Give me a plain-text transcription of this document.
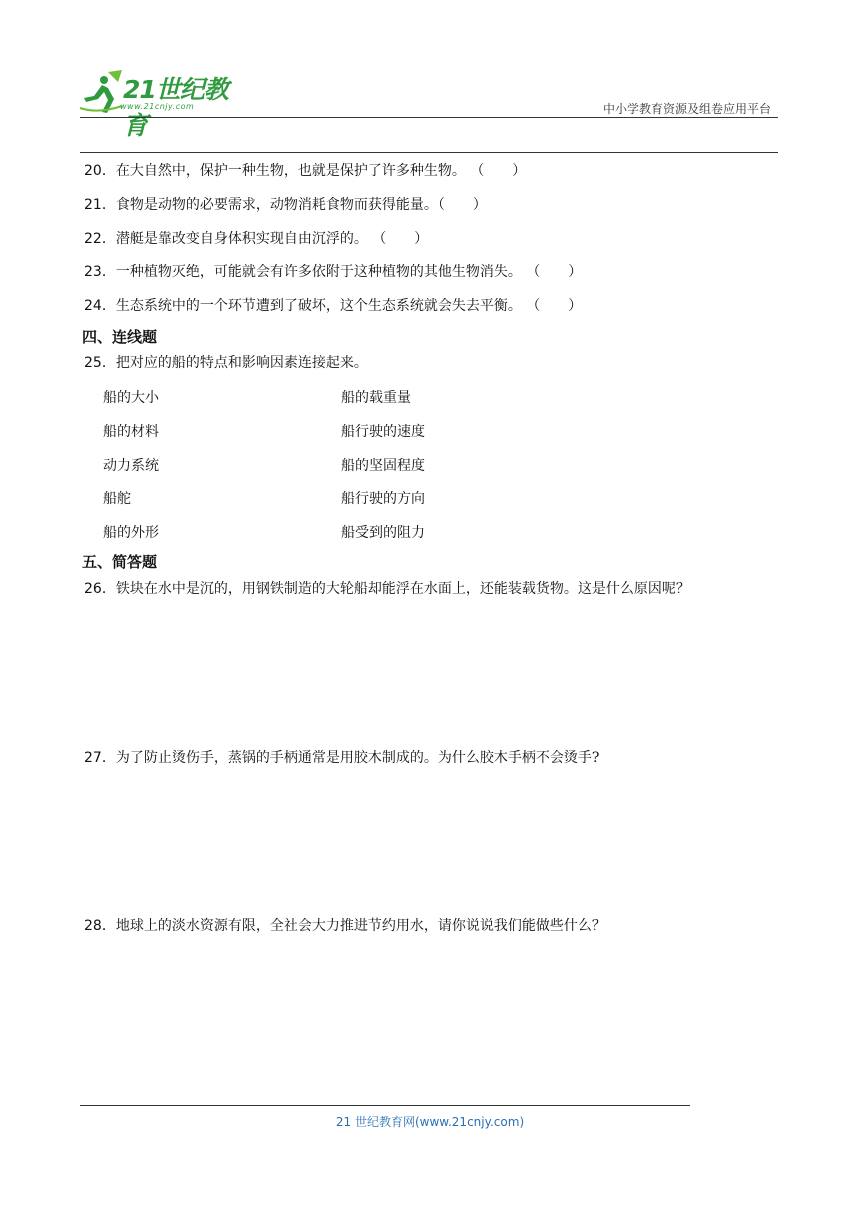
21世纪教育
www.21cnjy.com	中小学教育资源及组卷应用平台
20．在大自然中，保护一种生物，也就是保护了许多种生物。 （　　）
21．食物是动物的必要需求，动物消耗食物而获得能量。（　　）
22．潜艇是靠改变自身体积实现自由沉浮的。 （　　）
23．一种植物灭绝，可能就会有许多依附于这种植物的其他生物消失。 （　　）
24．生态系统中的一个环节遭到了破坏，这个生态系统就会失去平衡。 （　　）
四、连线题
25．把对应的船的特点和影响因素连接起来。
船的大小
船的材料
动力系统
船舵
船的外形
船的载重量
船行驶的速度
船的坚固程度
船行驶的方向
船受到的阻力
五、简答题
26．铁块在水中是沉的，用钢铁制造的大轮船却能浮在水面上，还能装载货物。这是什么原因呢？
27．为了防止烫伤手，蒸锅的手柄通常是用胶木制成的。为什么胶木手柄不会烫手?
28．地球上的淡水资源有限，全社会大力推进节约用水，请你说说我们能做些什么？
21 世纪教育网(www.21cnjy.com)
